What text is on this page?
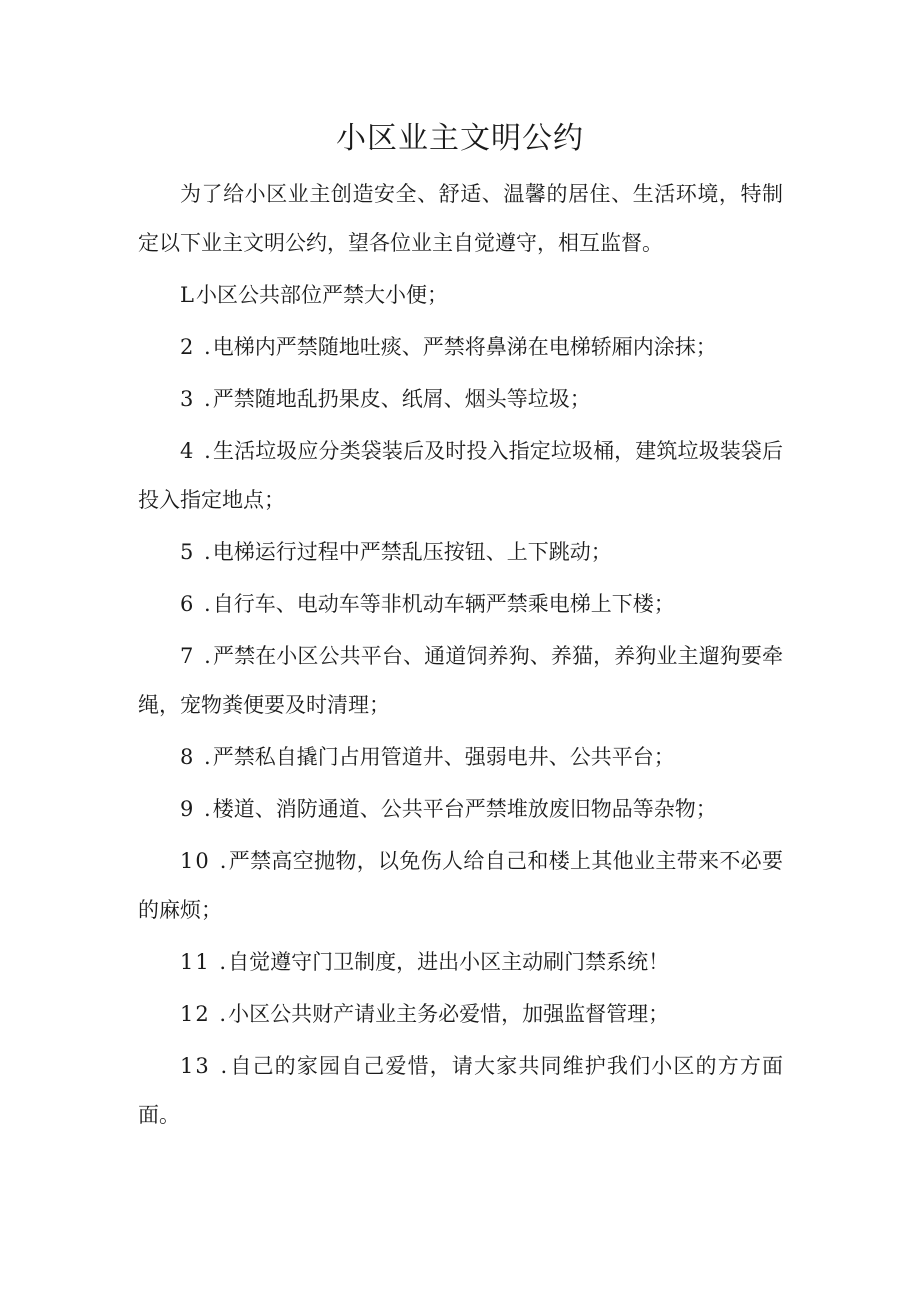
小区业主文明公约

为了给小区业主创造安全、舒适、温馨的居住、生活环境，特制定以下业主文明公约，望各位业主自觉遵守，相互监督。

L小区公共部位严禁大小便；

2 .电梯内严禁随地吐痰、严禁将鼻涕在电梯轿厢内涂抹；

3 .严禁随地乱扔果皮、纸屑、烟头等垃圾；

4 .生活垃圾应分类袋装后及时投入指定垃圾桶，建筑垃圾装袋后投入指定地点；

5 .电梯运行过程中严禁乱压按钮、上下跳动；

6 .自行车、电动车等非机动车辆严禁乘电梯上下楼；

7 .严禁在小区公共平台、通道饲养狗、养猫，养狗业主遛狗要牵绳，宠物粪便要及时清理；

8 .严禁私自撬门占用管道井、强弱电井、公共平台；

9 .楼道、消防通道、公共平台严禁堆放废旧物品等杂物；

10 .严禁高空抛物，以免伤人给自己和楼上其他业主带来不必要的麻烦；

11 .自觉遵守门卫制度，进出小区主动刷门禁系统！

12 .小区公共财产请业主务必爱惜，加强监督管理；

13 .自己的家园自己爱惜，请大家共同维护我们小区的方方面面。
